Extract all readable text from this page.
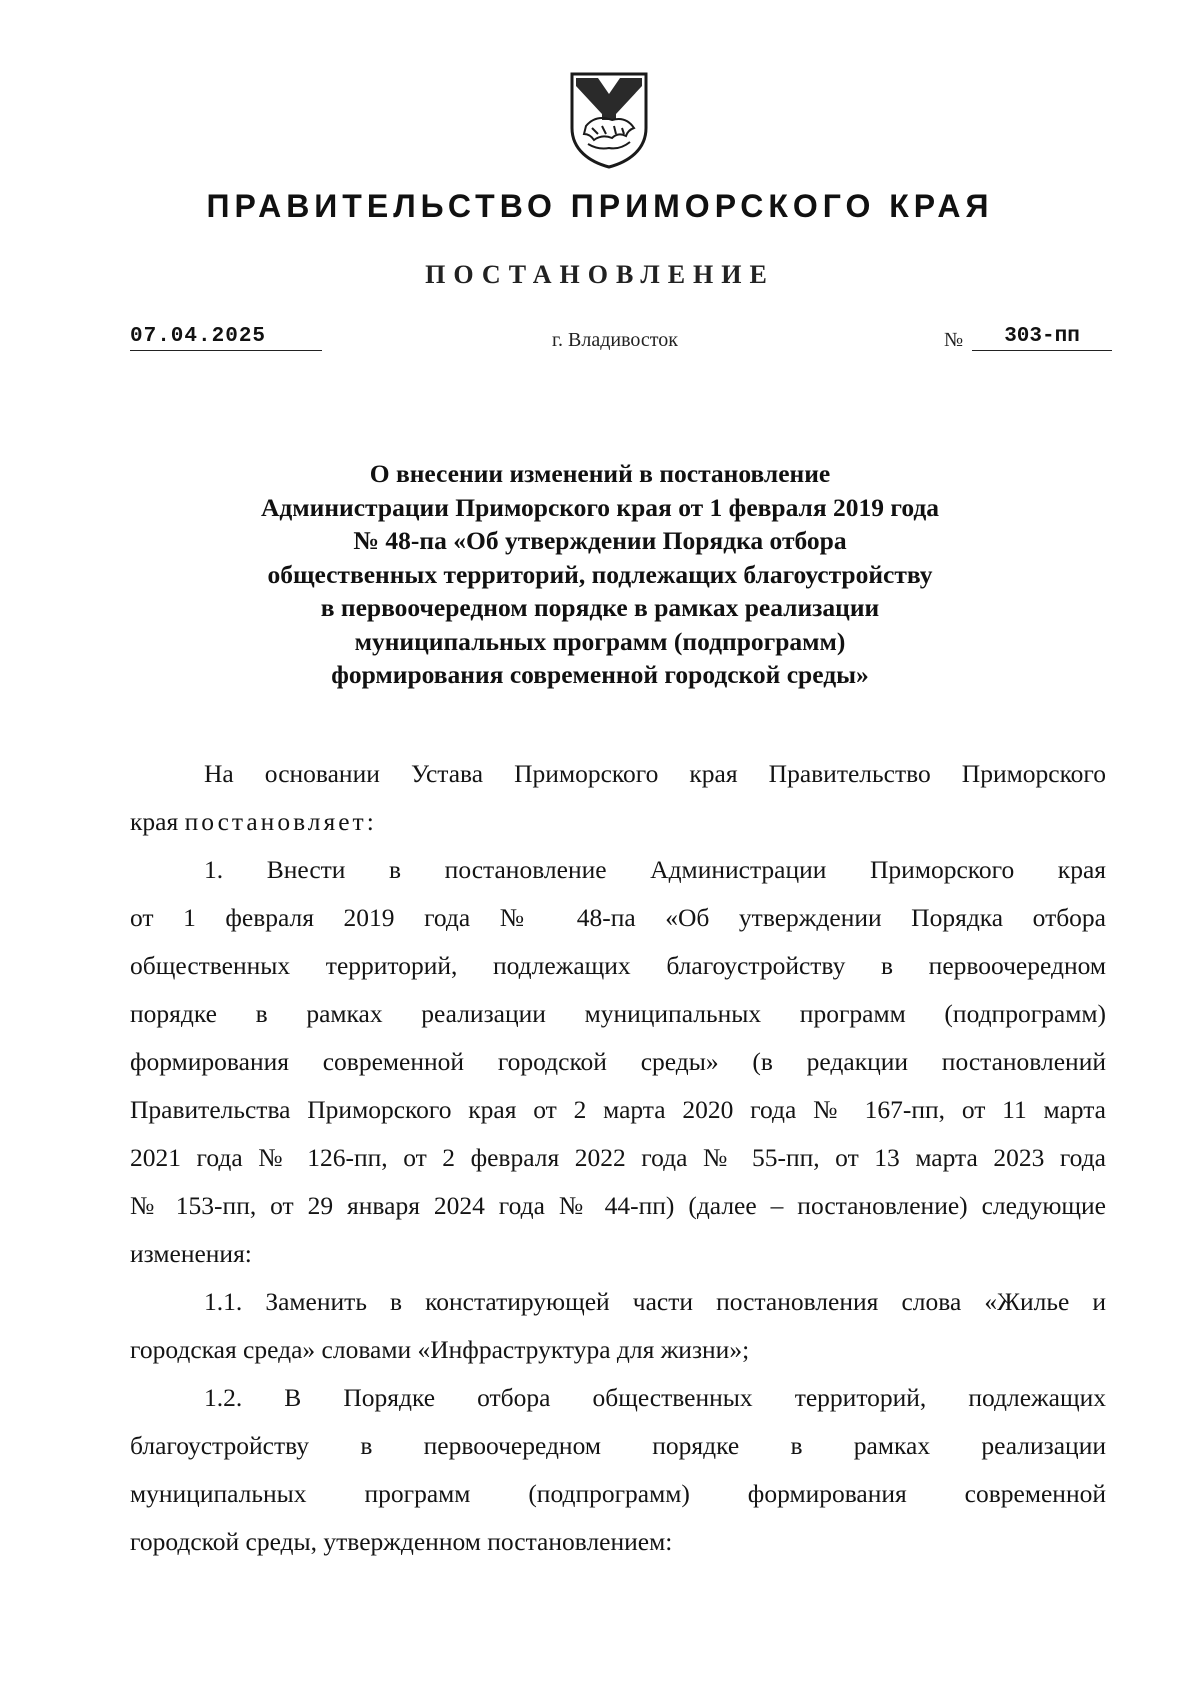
ПРАВИТЕЛЬСТВО ПРИМОРСКОГО КРАЯ
ПОСТАНОВЛЕНИЕ
07.04.2025	г. Владивосток	№	303-пп
О внесении изменений в постановление
Администрации Приморского края от 1 февраля 2019 года
№ 48-па «Об утверждении Порядка отбора
общественных территорий, подлежащих благоустройству
в первоочередном порядке в рамках реализации
муниципальных программ (подпрограмм)
формирования современной городской среды»
На основании Устава Приморского края Правительство Приморского
края постановляет:
1. Внести в постановление Администрации Приморского края
от 1 февраля 2019 года № 48-па «Об утверждении Порядка отбора
общественных территорий, подлежащих благоустройству в первоочередном
порядке в рамках реализации муниципальных программ (подпрограмм)
формирования современной городской среды» (в редакции постановлений
Правительства Приморского края от 2 марта 2020 года № 167-пп, от 11 марта
2021 года № 126-пп, от 2 февраля 2022 года № 55-пп, от 13 марта 2023 года
№ 153-пп, от 29 января 2024 года № 44-пп) (далее – постановление) следующие
изменения:
1.1. Заменить в констатирующей части постановления слова «Жилье и
городская среда» словами «Инфраструктура для жизни»;
1.2. В Порядке отбора общественных территорий, подлежащих
благоустройству в первоочередном порядке в рамках реализации
муниципальных программ (подпрограмм) формирования современной
городской среды, утвержденном постановлением:
